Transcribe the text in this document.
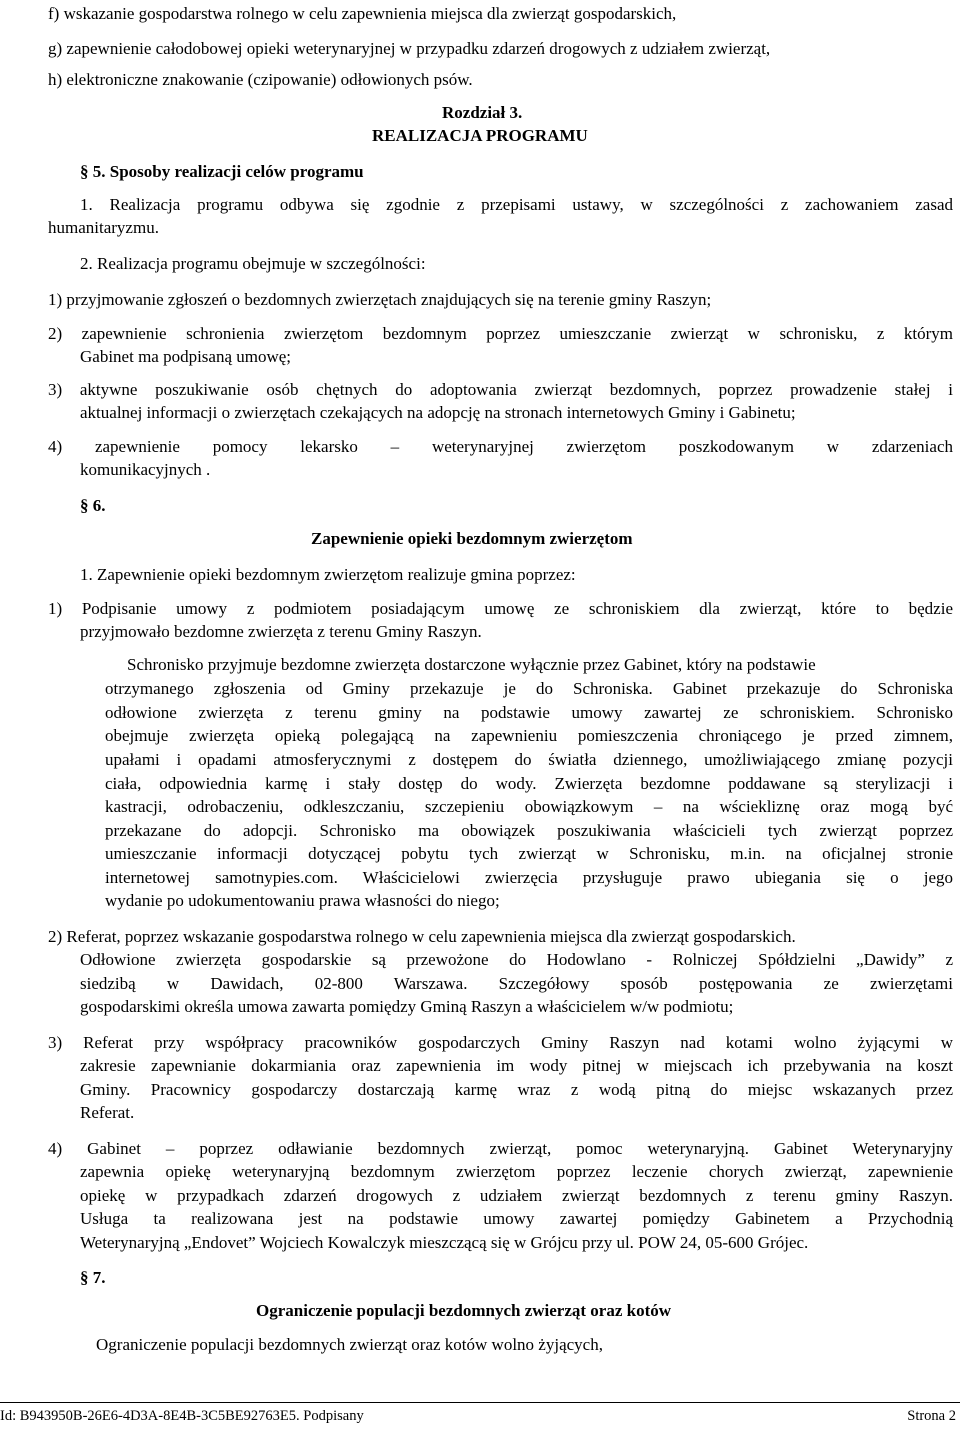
f) wskazanie gospodarstwa rolnego w celu zapewnienia miejsca dla zwierząt gospodarskich,
g) zapewnienie całodobowej opieki weterynaryjnej w przypadku zdarzeń drogowych z udziałem zwierząt,
h) elektroniczne znakowanie (czipowanie) odłowionych psów.
Rozdział 3.
REALIZACJA PROGRAMU
§ 5. Sposoby realizacji celów programu
1. Realizacja programu odbywa się zgodnie z przepisami ustawy, w szczególności z zachowaniem zasad
humanitaryzmu.
2. Realizacja programu obejmuje w szczególności:
1) przyjmowanie zgłoszeń o bezdomnych zwierzętach znajdujących się na terenie gminy Raszyn;
2) zapewnienie schronienia zwierzętom bezdomnym poprzez umieszczanie zwierząt w schronisku, z którym
Gabinet ma podpisaną umowę;
3) aktywne poszukiwanie osób chętnych do adoptowania zwierząt bezdomnych, poprzez prowadzenie stałej i
aktualnej informacji o zwierzętach czekających na adopcję na stronach internetowych Gminy i Gabinetu;
4) zapewnienie pomocy lekarsko – weterynaryjnej zwierzętom poszkodowanym w zdarzeniach
komunikacyjnych .
§ 6.
Zapewnienie opieki bezdomnym zwierzętom
1. Zapewnienie opieki bezdomnym zwierzętom realizuje gmina poprzez:
1) Podpisanie umowy z podmiotem posiadającym umowę ze schroniskiem dla zwierząt, które to będzie
przyjmowało bezdomne zwierzęta z terenu Gminy Raszyn.
Schronisko przyjmuje bezdomne zwierzęta dostarczone wyłącznie przez Gabinet, który na podstawie
otrzymanego zgłoszenia od Gminy przekazuje je do Schroniska. Gabinet przekazuje do Schroniska
odłowione zwierzęta z terenu gminy na podstawie umowy zawartej ze schroniskiem. Schronisko
obejmuje zwierzęta opieką polegającą na zapewnieniu pomieszczenia chroniącego je przed zimnem,
upałami i opadami atmosferycznymi z dostępem do światła dziennego, umożliwiającego zmianę pozycji
ciała, odpowiednia karmę i stały dostęp do wody. Zwierzęta bezdomne poddawane są sterylizacji i
kastracji, odrobaczeniu, odkleszczaniu, szczepieniu obowiązkowym – na wściekliznę oraz mogą być
przekazane do adopcji. Schronisko ma obowiązek poszukiwania właścicieli tych zwierząt poprzez
umieszczanie informacji dotyczącej pobytu tych zwierząt w Schronisku, m.in. na oficjalnej stronie
internetowej samotnypies.com. Właścicielowi zwierzęcia przysługuje prawo ubiegania się o jego
wydanie po udokumentowaniu prawa własności do niego;
2) Referat, poprzez wskazanie gospodarstwa rolnego w celu zapewnienia miejsca dla zwierząt gospodarskich.
Odłowione zwierzęta gospodarskie są przewożone do Hodowlano - Rolniczej Spółdzielni „Dawidy” z
siedzibą w Dawidach, 02-800 Warszawa. Szczegółowy sposób postępowania ze zwierzętami
gospodarskimi określa umowa zawarta pomiędzy Gminą Raszyn a właścicielem w/w podmiotu;
3) Referat przy współpracy pracowników gospodarczych Gminy Raszyn nad kotami wolno żyjącymi w
zakresie zapewnianie dokarmiania oraz zapewnienia im wody pitnej w miejscach ich przebywania na koszt
Gminy. Pracownicy gospodarczy dostarczają karmę wraz z wodą pitną do miejsc wskazanych przez
Referat.
4) Gabinet – poprzez odławianie bezdomnych zwierząt, pomoc weterynaryjną. Gabinet Weterynaryjny
zapewnia opiekę weterynaryjną bezdomnym zwierzętom poprzez leczenie chorych zwierząt, zapewnienie
opiekę w przypadkach zdarzeń drogowych z udziałem zwierząt bezdomnych z terenu gminy Raszyn.
Usługa ta realizowana jest na podstawie umowy zawartej pomiędzy Gabinetem a Przychodnią
Weterynaryjną „Endovet” Wojciech Kowalczyk mieszczącą się w Grójcu przy ul. POW 24, 05-600 Grójec.
§ 7.
Ograniczenie populacji bezdomnych zwierząt oraz kotów
Ograniczenie populacji bezdomnych zwierząt oraz kotów wolno żyjących,
Id: B943950B-26E6-4D3A-8E4B-3C5BE92763E5. Podpisany	Strona 2
